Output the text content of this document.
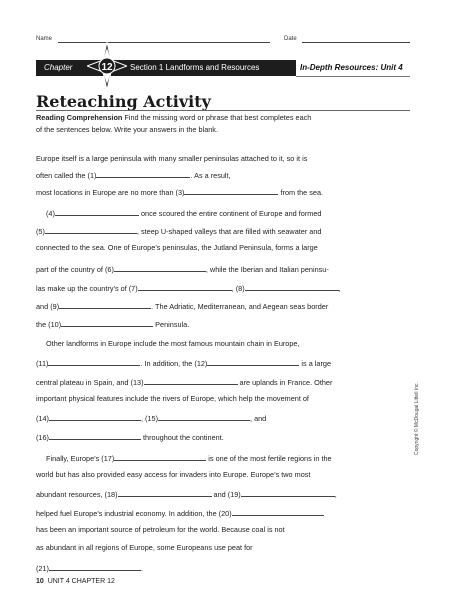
Name	Date
Chapter	12 Section 1 Landforms and Resources	In-Depth Resources: Unit 4
Reteaching Activity
Reading Comprehension Find the missing word or phrase that best completes each
of the sentences below. Write your answers in the blank.
Europe itself is a large peninsula with many smaller peninsulas attached to it, so it is
often called the (1)	. As a result,
most locations in Europe are no more than (3)	from the sea.
(4)	once scoured the entire continent of Europe and formed
(5)	, steep U-shaped valleys that are filled with seawater and
connected to the sea. One of Europe’s peninsulas, the Jutland Peninsula, forms a large
part of the country of (6)	, while the Iberian and Italian peninsu-
las make up the country’s of (7)	, (8)	,
and (9)	. The Adriatic, Mediterranean, and Aegean seas border
the (10)	Peninsula.
Other landforms in Europe include the most famous mountain chain in Europe,
(11)	. In addition, the (12)	is a large
central plateau in Spain, and (13)	are uplands in France. Other
important physical features include the rivers of Europe, which help the movement of
(14)	, (15)	, and
(16)	throughout the continent.
Finally, Europe’s (17)	is one of the most fertile regions in the
world but has also provided easy access for invaders into Europe. Europe’s two most
abundant resources, (18)	and (19)	,
helped fuel Europe’s industrial economy. In addition, the (20)
has been an important source of petroleum for the world. Because coal is not
as abundant in all regions of Europe, some Europeans use peat for
(21)	.
Copyright © McDougal Littell Inc.
10 UNIT 4 CHAPTER 12
